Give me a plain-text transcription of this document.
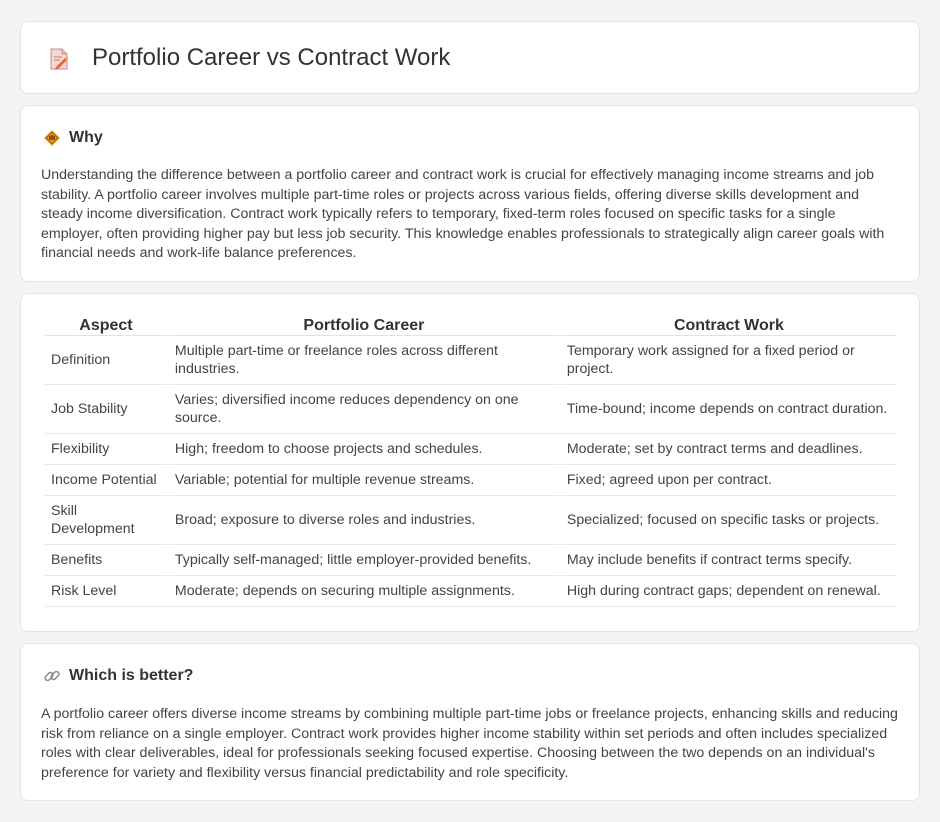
Portfolio Career vs Contract Work
Why

Understanding the difference between a portfolio career and contract work is crucial for effectively managing income streams and job stability. A portfolio career involves multiple part-time roles or projects across various fields, offering diverse skills development and steady income diversification. Contract work typically refers to temporary, fixed-term roles focused on specific tasks for a single employer, often providing higher pay but less job security. This knowledge enables professionals to strategically align career goals with financial needs and work-life balance preferences.

Aspect	Portfolio Career	Contract Work
Definition	Multiple part-time or freelance roles across different industries.	Temporary work assigned for a fixed period or project.
Job Stability	Varies; diversified income reduces dependency on one source.	Time-bound; income depends on contract duration.
Flexibility	High; freedom to choose projects and schedules.	Moderate; set by contract terms and deadlines.
Income Potential	Variable; potential for multiple revenue streams.	Fixed; agreed upon per contract.
Skill Development	Broad; exposure to diverse roles and industries.	Specialized; focused on specific tasks or projects.
Benefits	Typically self-managed; little employer-provided benefits.	May include benefits if contract terms specify.
Risk Level	Moderate; depends on securing multiple assignments.	High during contract gaps; dependent on renewal.
Which is better?

A portfolio career offers diverse income streams by combining multiple part-time jobs or freelance projects, enhancing skills and reducing risk from reliance on a single employer. Contract work provides higher income stability within set periods and often includes specialized roles with clear deliverables, ideal for professionals seeking focused expertise. Choosing between the two depends on an individual's preference for variety and flexibility versus financial predictability and role specificity.
